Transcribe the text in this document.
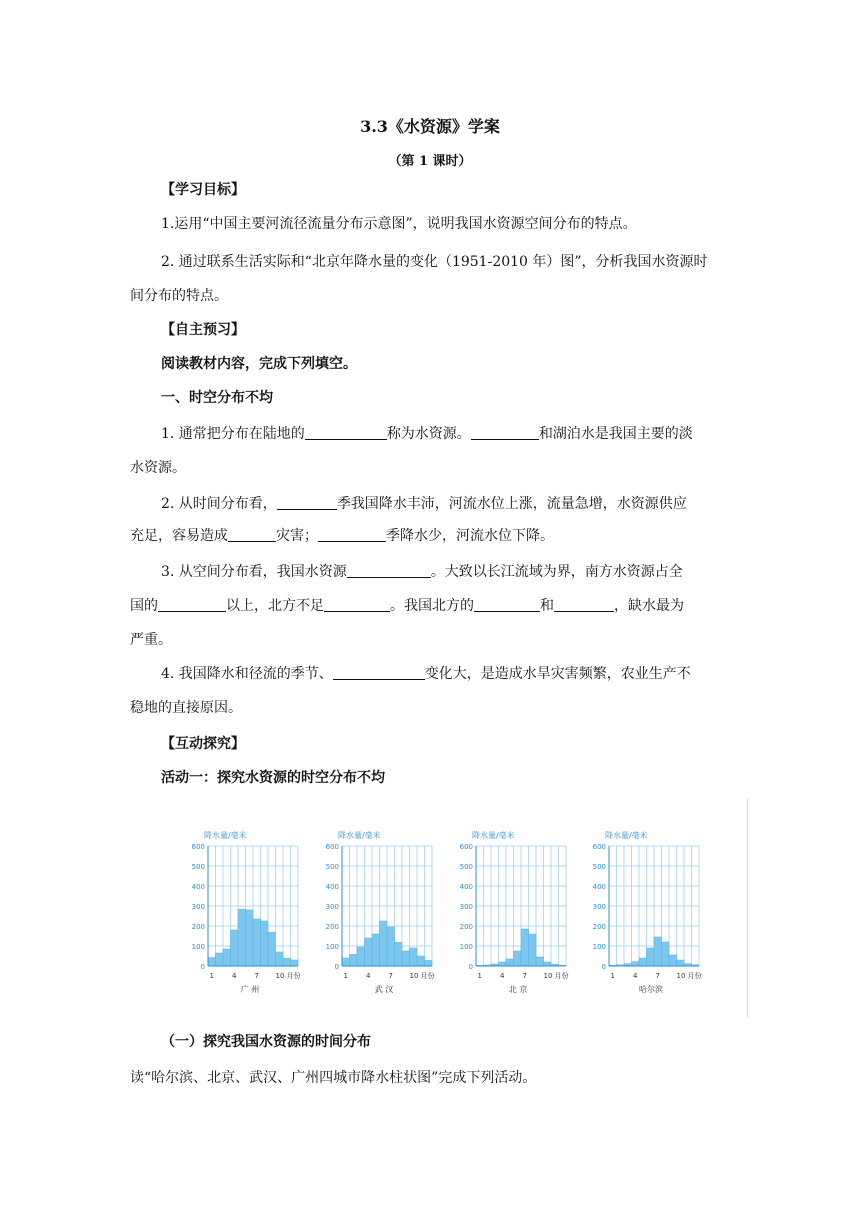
3.3《水资源》学案
（第 1 课时）
【学习目标】
1.运用“中国主要河流径流量分布示意图”，说明我国水资源空间分布的特点。
2. 通过联系生活实际和“北京年降水量的变化（1951-2010 年）图”，分析我国水资源时
间分布的特点。
【自主预习】
阅读教材内容，完成下列填空。
一、时空分布不均
1. 通常把分布在陆地的	称为水资源。	和湖泊水是我国主要的淡
水资源。
2. 从时间分布看，	季我国降水丰沛，河流水位上涨，流量急增，水资源供应
充足，容易造成	灾害；	季降水少，河流水位下降。
3. 从空间分布看，我国水资源	。大致以长江流域为界，南方水资源占全
国的	以上，北方不足	。我国北方的	和	，缺水最为
严重。
4. 我国降水和径流的季节、	变化大，是造成水旱灾害频繁，农业生产不
稳地的直接原因。
【互动探究】
活动一：探究水资源的时空分布不均
降水量/毫米
0
100
200
300
400
500
600
1	4	7 10 月份
广 州
降水量/毫米
0
100
200
300
400
500
600
1	4	7 10 月份
武 汉
降水量/毫米
0
100
200
300
400
500
600
1	4	7 10 月份
北 京
降水量/毫米
0
100
200
300
400
500
600
1	4	7 10 月份
哈尔滨
（一）探究我国水资源的时间分布
读“哈尔滨、北京、武汉、广州四城市降水柱状图”完成下列活动。
